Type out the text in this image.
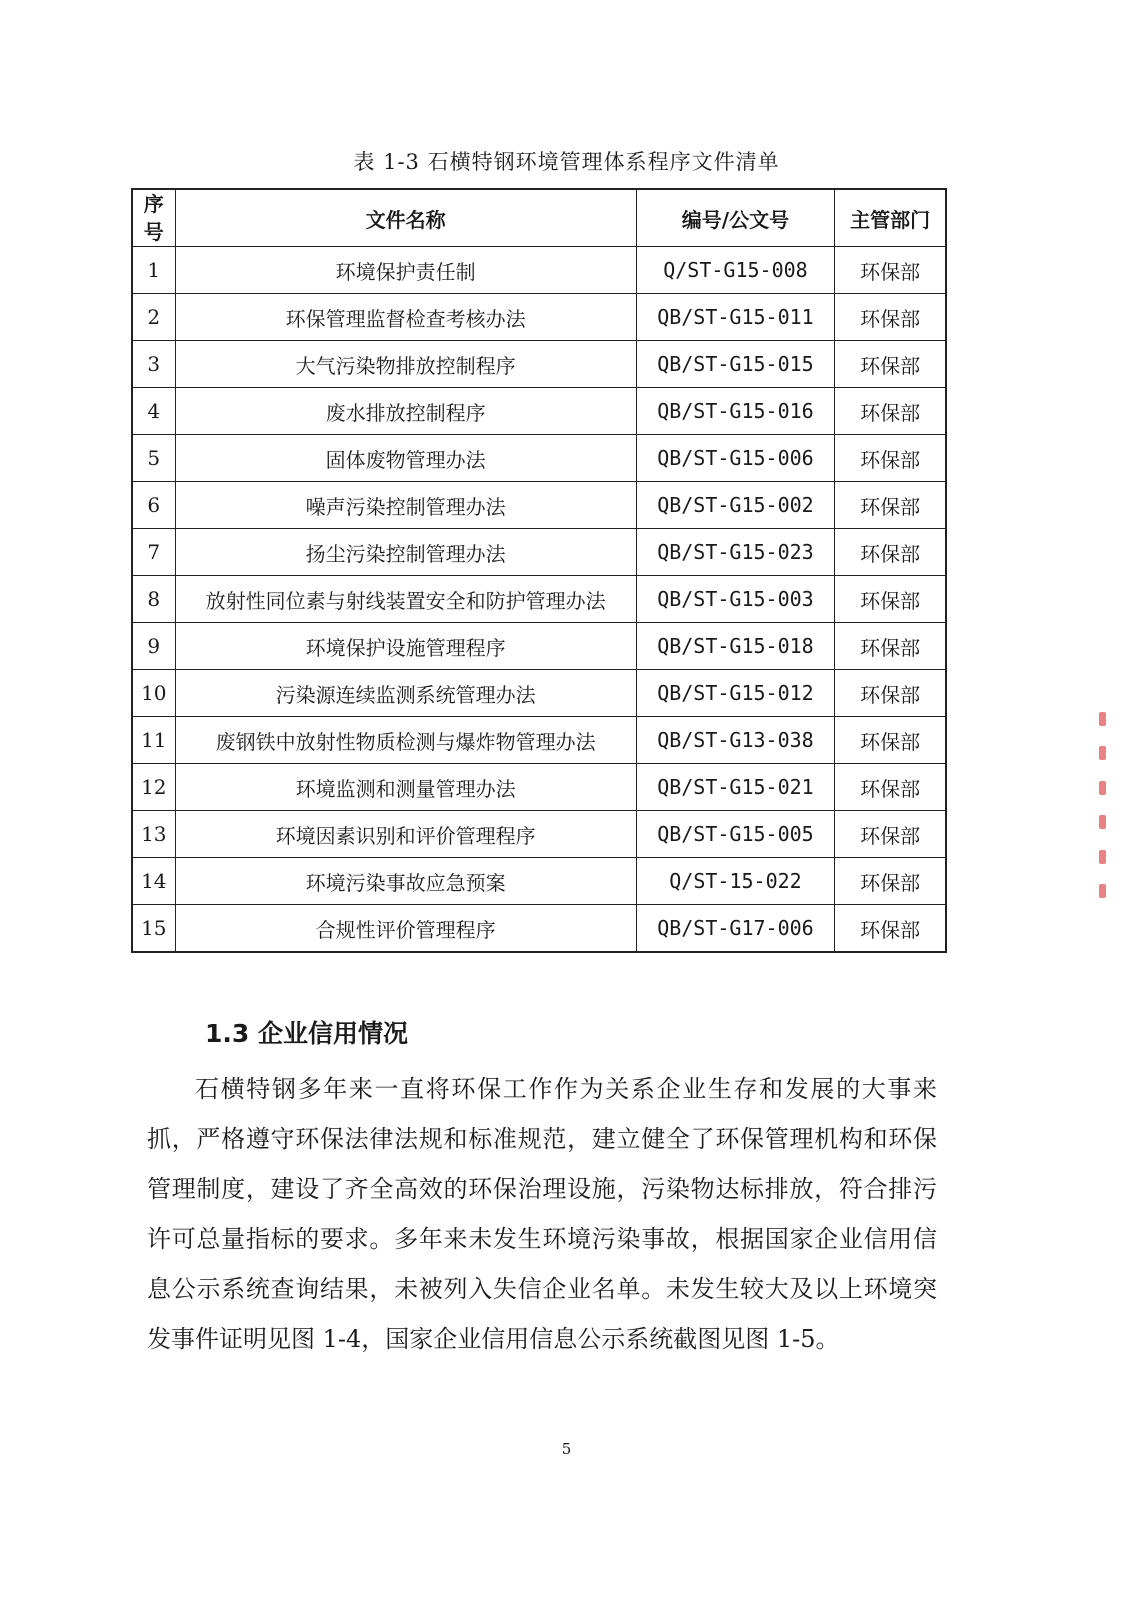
表 1-3 石横特钢环境管理体系程序文件清单
序号	文件名称	编号/公文号	主管部门
1	环境保护责任制	Q/ST-G15-008	环保部
2	环保管理监督检查考核办法	QB/ST-G15-011	环保部
3	大气污染物排放控制程序	QB/ST-G15-015	环保部
4	废水排放控制程序	QB/ST-G15-016	环保部
5	固体废物管理办法	QB/ST-G15-006	环保部
6	噪声污染控制管理办法	QB/ST-G15-002	环保部
7	扬尘污染控制管理办法	QB/ST-G15-023	环保部
8	放射性同位素与射线装置安全和防护管理办法	QB/ST-G15-003	环保部
9	环境保护设施管理程序	QB/ST-G15-018	环保部
10	污染源连续监测系统管理办法	QB/ST-G15-012	环保部
11	废钢铁中放射性物质检测与爆炸物管理办法	QB/ST-G13-038	环保部
12	环境监测和测量管理办法	QB/ST-G15-021	环保部
13	环境因素识别和评价管理程序	QB/ST-G15-005	环保部
14	环境污染事故应急预案	Q/ST-15-022	环保部
15	合规性评价管理程序	QB/ST-G17-006	环保部
1.3 企业信用情况

石横特钢多年来一直将环保工作作为关系企业生存和发展的大事来抓，严格遵守环保法律法规和标准规范，建立健全了环保管理机构和环保管理制度，建设了齐全高效的环保治理设施，污染物达标排放，符合排污许可总量指标的要求。多年来未发生环境污染事故，根据国家企业信用信息公示系统查询结果，未被列入失信企业名单。未发生较大及以上环境突发事件证明见图 1-4，国家企业信用信息公示系统截图见图 1-5。

5
